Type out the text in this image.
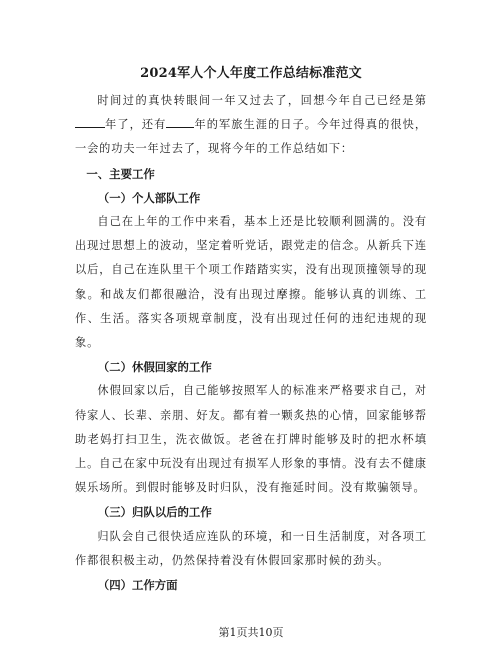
2024军人个人年度工作总结标准范文

时间过的真快转眼间一年又过去了，回想今年自己已经是第年了，还有	年的军旅生涯的日子。今年过得真的很快，一会的功夫一年过去了，现将今年的工作总结如下：

一、主要工作

（一）个人部队工作

自己在上年的工作中来看，基本上还是比较顺利圆满的。没有出现过思想上的波动，坚定着听党话，跟党走的信念。从新兵下连以后，自己在连队里干个项工作踏踏实实，没有出现顶撞领导的现象。和战友们都很融洽，没有出现过摩擦。能够认真的训练、工作、生活。落实各项规章制度，没有出现过任何的违纪违规的现象。

（二）休假回家的工作

休假回家以后，自己能够按照军人的标准来严格要求自己，对待家人、长辈、亲朋、好友。都有着一颗炙热的心情，回家能够帮助老妈打扫卫生，洗衣做饭。老爸在打牌时能够及时的把水杯填上。自己在家中玩没有出现过有损军人形象的事情。没有去不健康娱乐场所。到假时能够及时归队，没有拖延时间。没有欺骗领导。

（三）归队以后的工作

归队会自己很快适应连队的环境，和一日生活制度，对各项工作都很积极主动，仍然保持着没有休假回家那时候的劲头。

（四）工作方面

第1页共10页
